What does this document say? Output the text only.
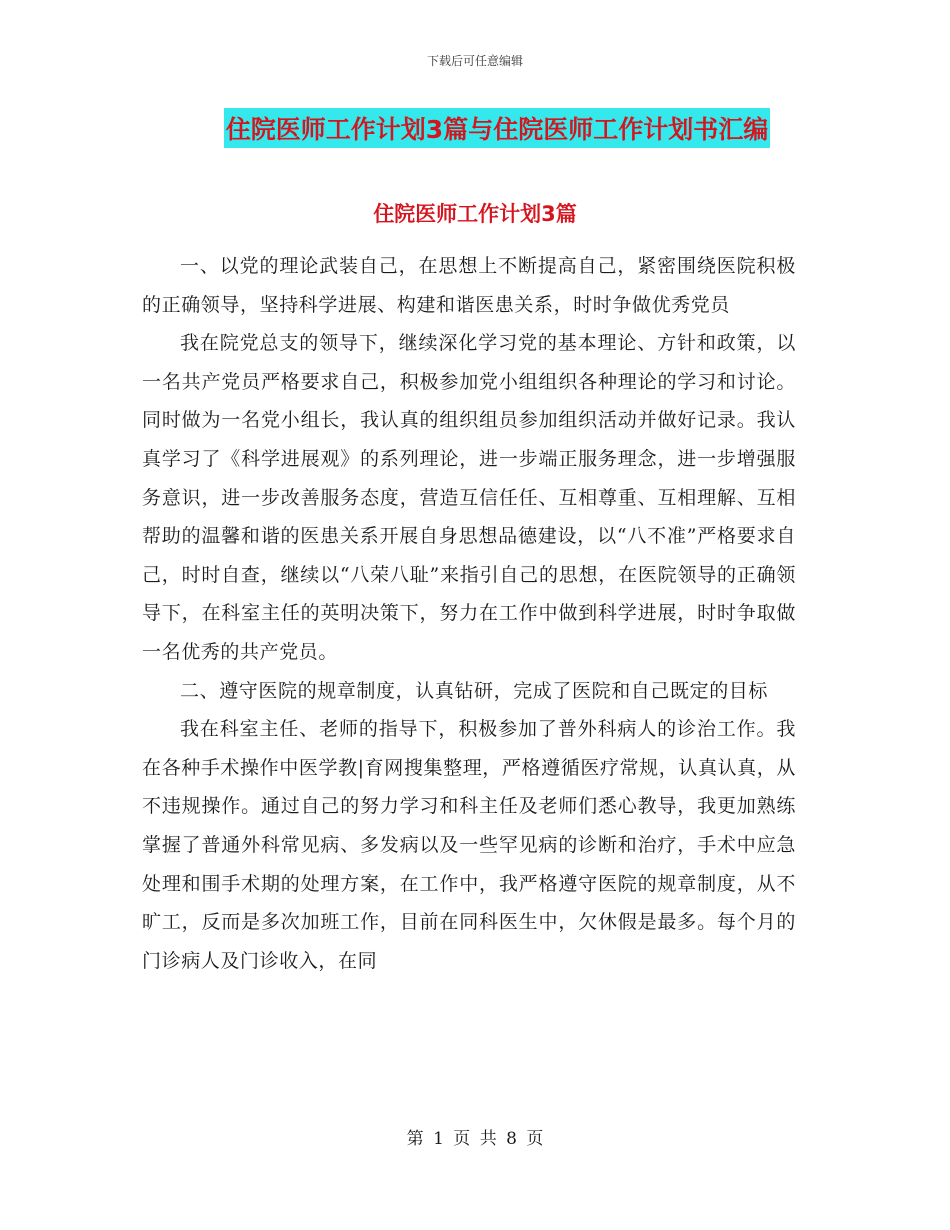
下载后可任意编辑
住院医师工作计划3篇与住院医师工作计划书汇编
住院医师工作计划3篇

一、以党的理论武装自己，在思想上不断提高自己，紧密围绕医院积极的正确领导，坚持科学进展、构建和谐医患关系，时时争做优秀党员

我在院党总支的领导下，继续深化学习党的基本理论、方针和政策，以一名共产党员严格要求自己，积极参加党小组组织各种理论的学习和讨论。同时做为一名党小组长，我认真的组织组员参加组织活动并做好记录。我认真学习了《科学进展观》的系列理论，进一步端正服务理念，进一步增强服务意识，进一步改善服务态度，营造互信任任、互相尊重、互相理解、互相帮助的温馨和谐的医患关系开展自身思想品德建设，以“八不准”严格要求自己，时时自查，继续以“八荣八耻”来指引自己的思想，在医院领导的正确领导下，在科室主任的英明决策下，努力在工作中做到科学进展，时时争取做一名优秀的共产党员。

二、遵守医院的规章制度，认真钻研，完成了医院和自己既定的目标

我在科室主任、老师的指导下，积极参加了普外科病人的诊治工作。我在各种手术操作中医学教|育网搜集整理，严格遵循医疗常规，认真认真，从不违规操作。通过自己的努力学习和科主任及老师们悉心教导，我更加熟练掌握了普通外科常见病、多发病以及一些罕见病的诊断和治疗，手术中应急处理和围手术期的处理方案，在工作中，我严格遵守医院的规章制度，从不旷工，反而是多次加班工作，目前在同科医生中，欠休假是最多。每个月的门诊病人及门诊收入，在同

第 1 页 共 8 页
